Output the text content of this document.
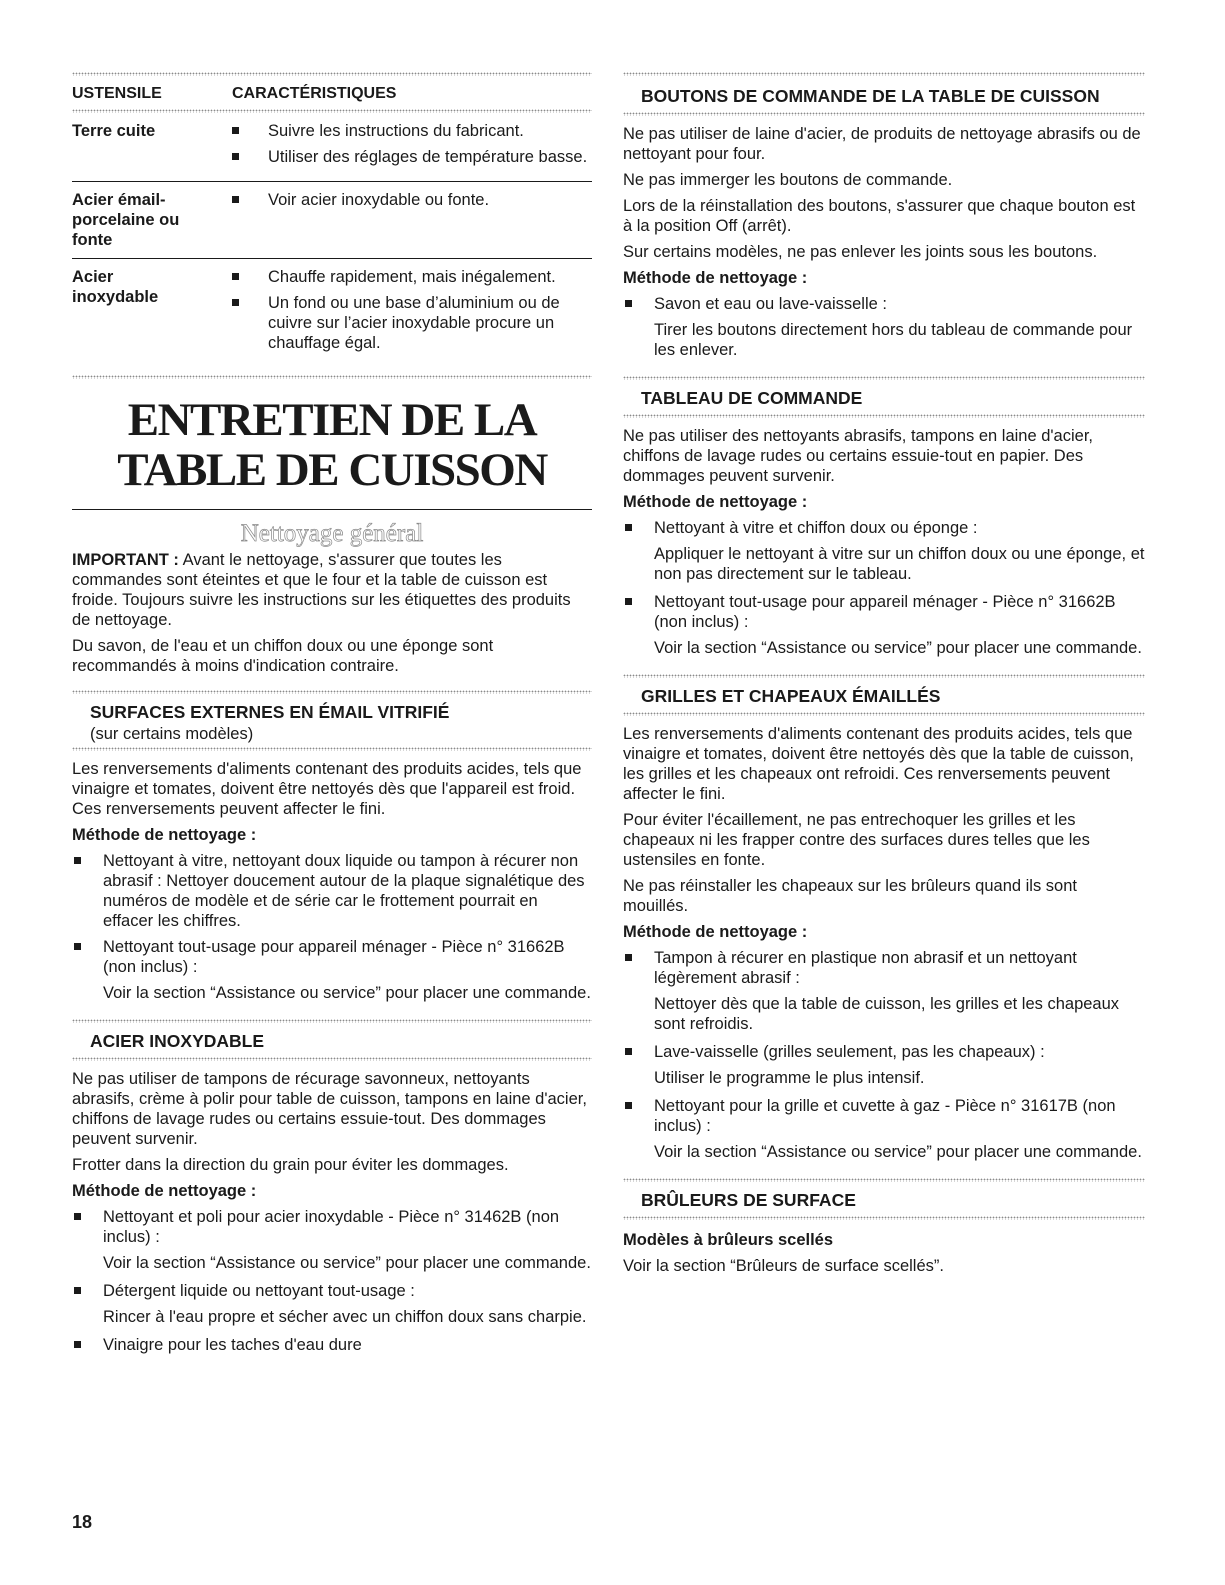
USTENSILE	CARACTÉRISTIQUES
Terre cuite	Suivre les instructions du fabricant.
Utiliser des réglages de température basse.
Acier émail-porcelaine ou fonte
Voir acier inoxydable ou fonte.
Acier inoxydable
Chauffe rapidement, mais inégalement.
Un fond ou une base d’aluminium ou de cuivre sur l’acier inoxydable procure un chauffage égal.
ENTRETIEN DE LA TABLE DE CUISSON
Nettoyage général

IMPORTANT : Avant le nettoyage, s'assurer que toutes les commandes sont éteintes et que le four et la table de cuisson est froide. Toujours suivre les instructions sur les étiquettes des produits de nettoyage.

Du savon, de l'eau et un chiffon doux ou une éponge sont recommandés à moins d'indication contraire.

SURFACES EXTERNES EN ÉMAIL VITRIFIÉ
(sur certains modèles)

Les renversements d'aliments contenant des produits acides, tels que vinaigre et tomates, doivent être nettoyés dès que l'appareil est froid. Ces renversements peuvent affecter le fini.

Méthode de nettoyage :
Nettoyant à vitre, nettoyant doux liquide ou tampon à récurer non abrasif : Nettoyer doucement autour de la plaque signalétique des numéros de modèle et de série car le frottement pourrait en effacer les chiffres.
Nettoyant tout-usage pour appareil ménager - Pièce n° 31662B (non inclus) :

Voir la section “Assistance ou service” pour placer une commande.

ACIER INOXYDABLE

Ne pas utiliser de tampons de récurage savonneux, nettoyants abrasifs, crème à polir pour table de cuisson, tampons en laine d'acier, chiffons de lavage rudes ou certains essuie-tout. Des dommages peuvent survenir.

Frotter dans la direction du grain pour éviter les dommages.

Méthode de nettoyage :
Nettoyant et poli pour acier inoxydable - Pièce n° 31462B (non inclus) :

Voir la section “Assistance ou service” pour placer une commande.

Détergent liquide ou nettoyant tout-usage :

Rincer à l'eau propre et sécher avec un chiffon doux sans charpie.

Vinaigre pour les taches d'eau dure
BOUTONS DE COMMANDE DE LA TABLE DE CUISSON

Ne pas utiliser de laine d'acier, de produits de nettoyage abrasifs ou de nettoyant pour four.

Ne pas immerger les boutons de commande.

Lors de la réinstallation des boutons, s'assurer que chaque bouton est à la position Off (arrêt).

Sur certains modèles, ne pas enlever les joints sous les boutons.

Méthode de nettoyage :
Savon et eau ou lave-vaisselle :

Tirer les boutons directement hors du tableau de commande pour les enlever.

TABLEAU DE COMMANDE

Ne pas utiliser des nettoyants abrasifs, tampons en laine d'acier, chiffons de lavage rudes ou certains essuie-tout en papier. Des dommages peuvent survenir.

Méthode de nettoyage :
Nettoyant à vitre et chiffon doux ou éponge :

Appliquer le nettoyant à vitre sur un chiffon doux ou une éponge, et non pas directement sur le tableau.

Nettoyant tout-usage pour appareil ménager - Pièce n° 31662B (non inclus) :

Voir la section “Assistance ou service” pour placer une commande.

GRILLES ET CHAPEAUX ÉMAILLÉS

Les renversements d'aliments contenant des produits acides, tels que vinaigre et tomates, doivent être nettoyés dès que la table de cuisson, les grilles et les chapeaux ont refroidi. Ces renversements peuvent affecter le fini.

Pour éviter l'écaillement, ne pas entrechoquer les grilles et les chapeaux ni les frapper contre des surfaces dures telles que les ustensiles en fonte.

Ne pas réinstaller les chapeaux sur les brûleurs quand ils sont mouillés.

Méthode de nettoyage :
Tampon à récurer en plastique non abrasif et un nettoyant légèrement abrasif :

Nettoyer dès que la table de cuisson, les grilles et les chapeaux sont refroidis.

Lave-vaisselle (grilles seulement, pas les chapeaux) :

Utiliser le programme le plus intensif.

Nettoyant pour la grille et cuvette à gaz - Pièce n° 31617B (non inclus) :

Voir la section “Assistance ou service” pour placer une commande.

BRÛLEURS DE SURFACE
Modèles à brûleurs scellés

Voir la section “Brûleurs de surface scellés”.

18
